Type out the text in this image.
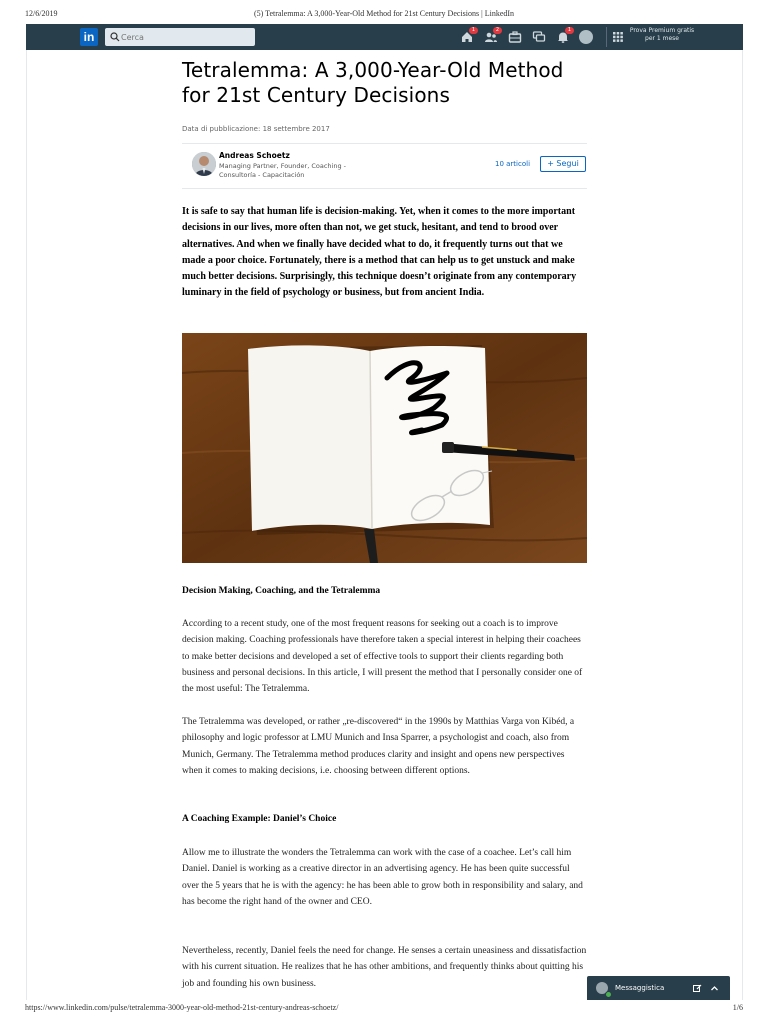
12/6/2019	(5) Tetralemma: A 3,000-Year-Old Method for 21st Century Decisions | LinkedIn
in
Cerca	1	2	1	Prova Premium gratis
per 1 mese
Tetralemma: A 3,000-Year-Old Method for 21st Century Decisions
Data di pubblicazione: 18 settembre 2017
Andreas Schoetz
Managing Partner, Founder, Coaching - Consultoría - Capacitación
10 articoli	+ Segui

It is safe to say that human life is decision-making. Yet, when it comes to the more important decisions in our lives, more often than not, we get stuck, hesitant, and tend to brood over alternatives. And when we finally have decided what to do, it frequently turns out that we made a poor choice. Fortunately, there is a method that can help us to get unstuck and make much better decisions. Surprisingly, this technique doesn’t originate from any contemporary luminary in the field of psychology or business, but from ancient India.

Decision Making, Coaching, and the Tetralemma

According to a recent study, one of the most frequent reasons for seeking out a coach is to improve decision making. Coaching professionals have therefore taken a special interest in helping their coachees to make better decisions and developed a set of effective tools to support their clients regarding both business and personal decisions. In this article, I will present the method that I personally consider one of the most useful: The Tetralemma.

The Tetralemma was developed, or rather „re-discovered“ in the 1990s by Matthias Varga von Kibéd, a philosophy and logic professor at LMU Munich and Insa Sparrer, a psychologist and coach, also from Munich, Germany. The Tetralemma method produces clarity and insight and opens new perspectives when it comes to making decisions, i.e. choosing between different options.

A Coaching Example: Daniel’s Choice

Allow me to illustrate the wonders the Tetralemma can work with the case of a coachee. Let’s call him Daniel. Daniel is working as a creative director in an advertising agency. He has been quite successful over the 5 years that he is with the agency: he has been able to grow both in responsibility and salary, and has become the right hand of the owner and CEO.

Nevertheless, recently, Daniel feels the need for change. He senses a certain uneasiness and dissatisfaction with his current situation. He realizes that he has other ambitions, and frequently thinks about quitting his job and founding his own business.	Messaggistica
https://www.linkedin.com/pulse/tetralemma-3000-year-old-method-21st-century-andreas-schoetz/	1/6
